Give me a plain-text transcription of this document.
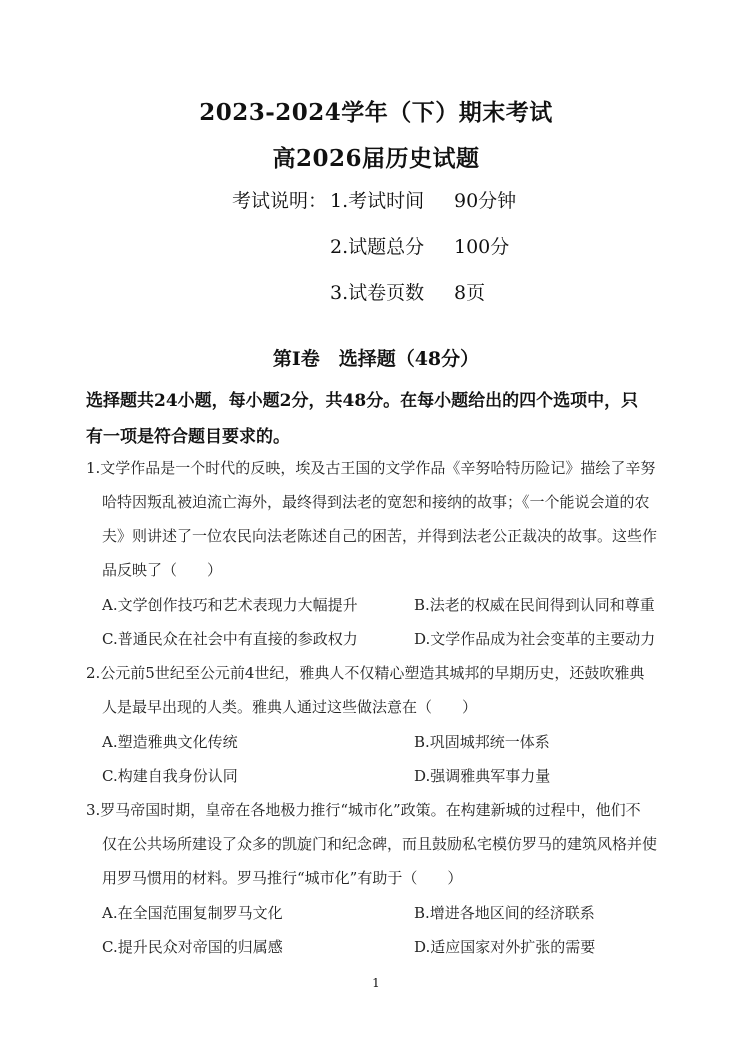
2023-2024学年（下）期末考试
高2026届历史试题
考试说明： 1.考试时间 90分钟
2.试题总分 100分
3.试卷页数 8页
第Ⅰ卷　选择题（48分）
选择题共24小题，每小题2分，共48分。在每小题给出的四个选项中，只
有一项是符合题目要求的。
1.文学作品是一个时代的反映，埃及古王国的文学作品《辛努哈特历险记》描绘了辛努
哈特因叛乱被迫流亡海外，最终得到法老的宽恕和接纳的故事；《一个能说会道的农
夫》则讲述了一位农民向法老陈述自己的困苦，并得到法老公正裁决的故事。这些作
品反映了（　　）
A.文学创作技巧和艺术表现力大幅提升	B.法老的权威在民间得到认同和尊重
C.普通民众在社会中有直接的参政权力	D.文学作品成为社会变革的主要动力
2.公元前5世纪至公元前4世纪，雅典人不仅精心塑造其城邦的早期历史，还鼓吹雅典
人是最早出现的人类。雅典人通过这些做法意在（　　）
A.塑造雅典文化传统	B.巩固城邦统一体系
C.构建自我身份认同	D.强调雅典军事力量
3.罗马帝国时期，皇帝在各地极力推行“城市化”政策。在构建新城的过程中，他们不
仅在公共场所建设了众多的凯旋门和纪念碑，而且鼓励私宅模仿罗马的建筑风格并使
用罗马惯用的材料。罗马推行“城市化”有助于（　　）
A.在全国范围复制罗马文化	B.增进各地区间的经济联系
C.提升民众对帝国的归属感	D.适应国家对外扩张的需要
1
